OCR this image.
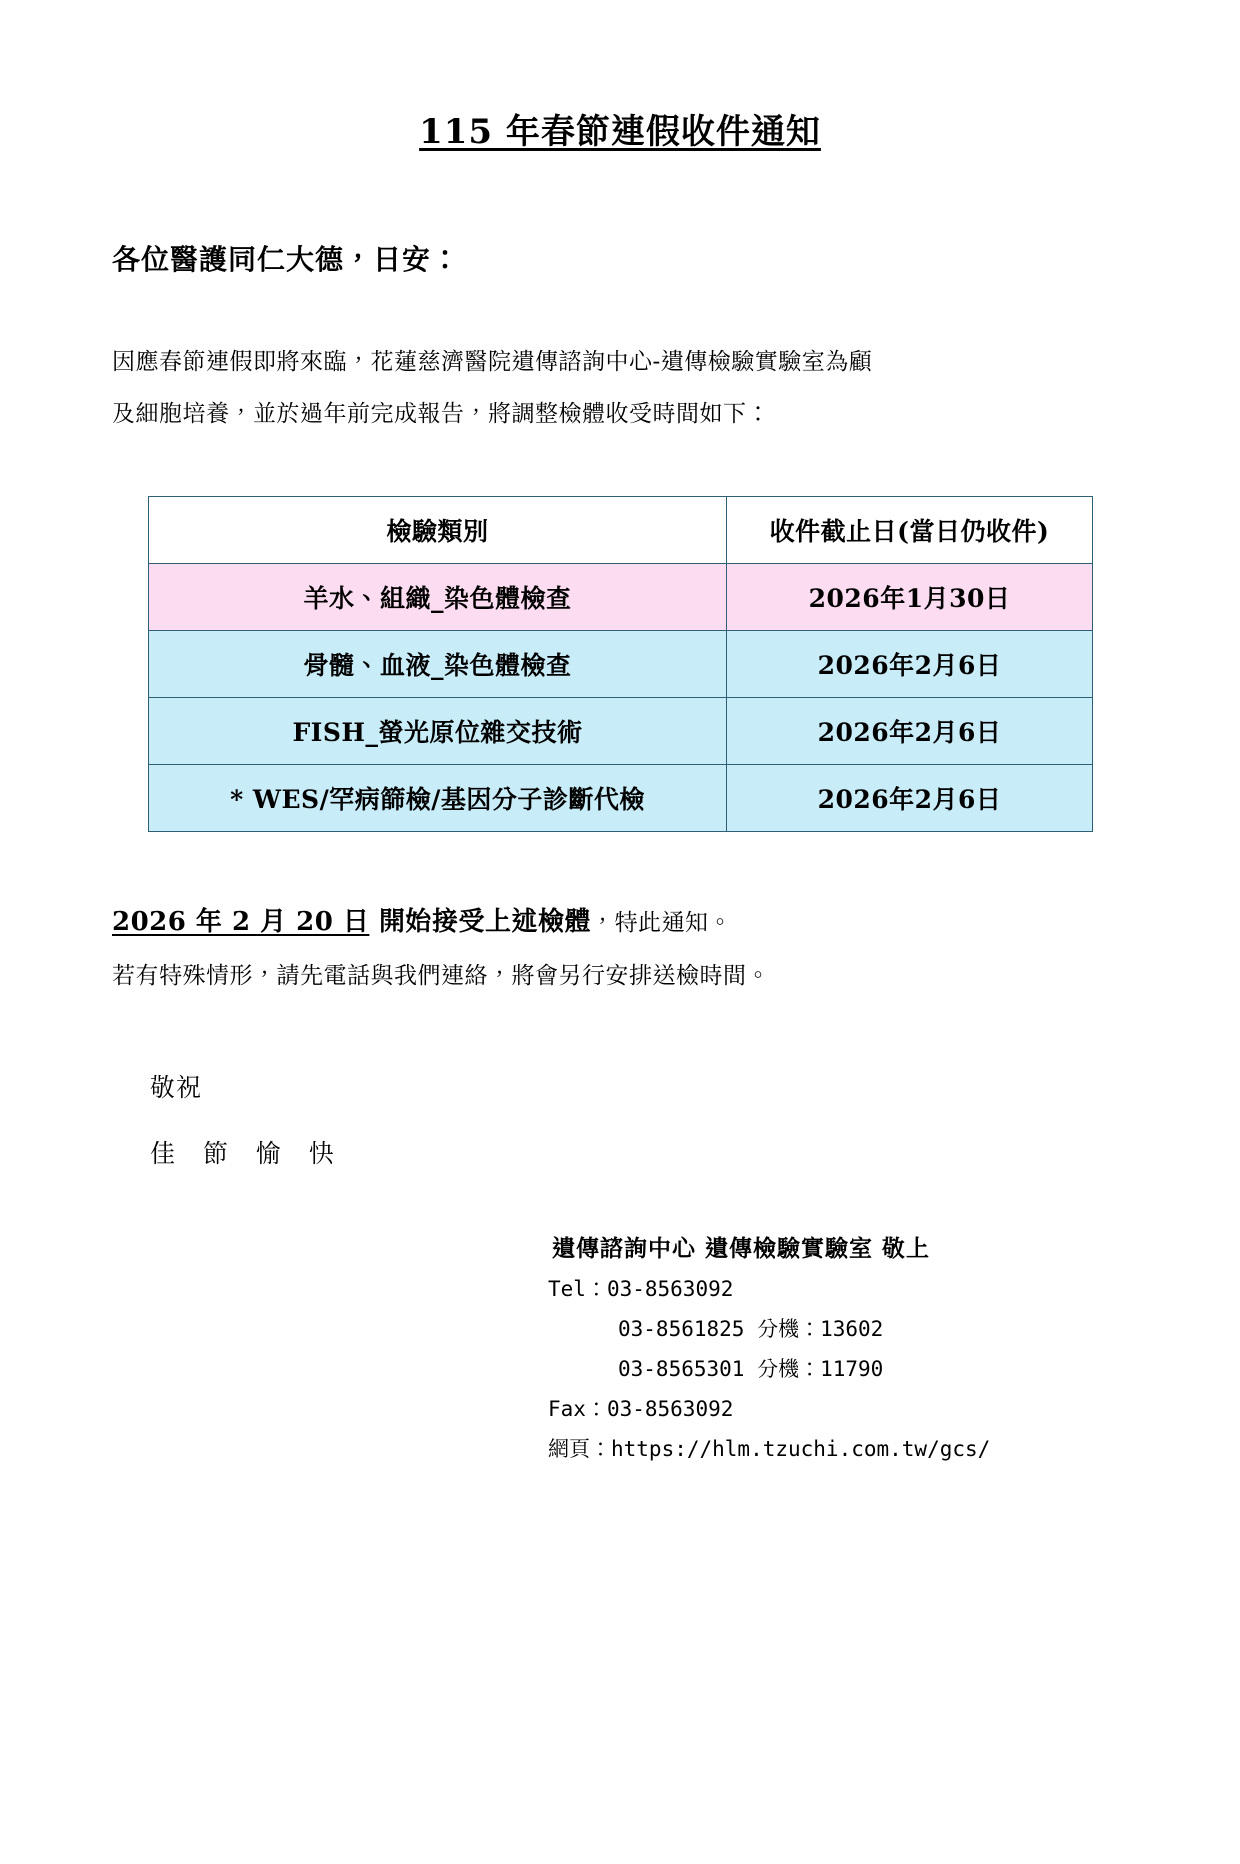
115 年春節連假收件通知
各位醫護同仁大德，日安：
因應春節連假即將來臨，花蓮慈濟醫院遺傳諮詢中心-遺傳檢驗實驗室為顧
及細胞培養，並於過年前完成報告，將調整檢體收受時間如下：
檢驗類別	收件截止日(當日仍收件)
羊水、組織_染色體檢查	2026年1月30日
骨髓、血液_染色體檢查	2026年2月6日
FISH_螢光原位雜交技術	2026年2月6日
* WES/罕病篩檢/基因分子診斷代檢	2026年2月6日
2026 年 2 月 20 日 開始接受上述檢體，特此通知。
若有特殊情形，請先電話與我們連絡，將會另行安排送檢時間。
敬祝
佳 節 愉 快
遺傳諮詢中心 遺傳檢驗實驗室 敬上
Tel：03-8563092
03-8561825 分機：13602
03-8565301 分機：11790
Fax：03-8563092
網頁：https://hlm.tzuchi.com.tw/gcs/
